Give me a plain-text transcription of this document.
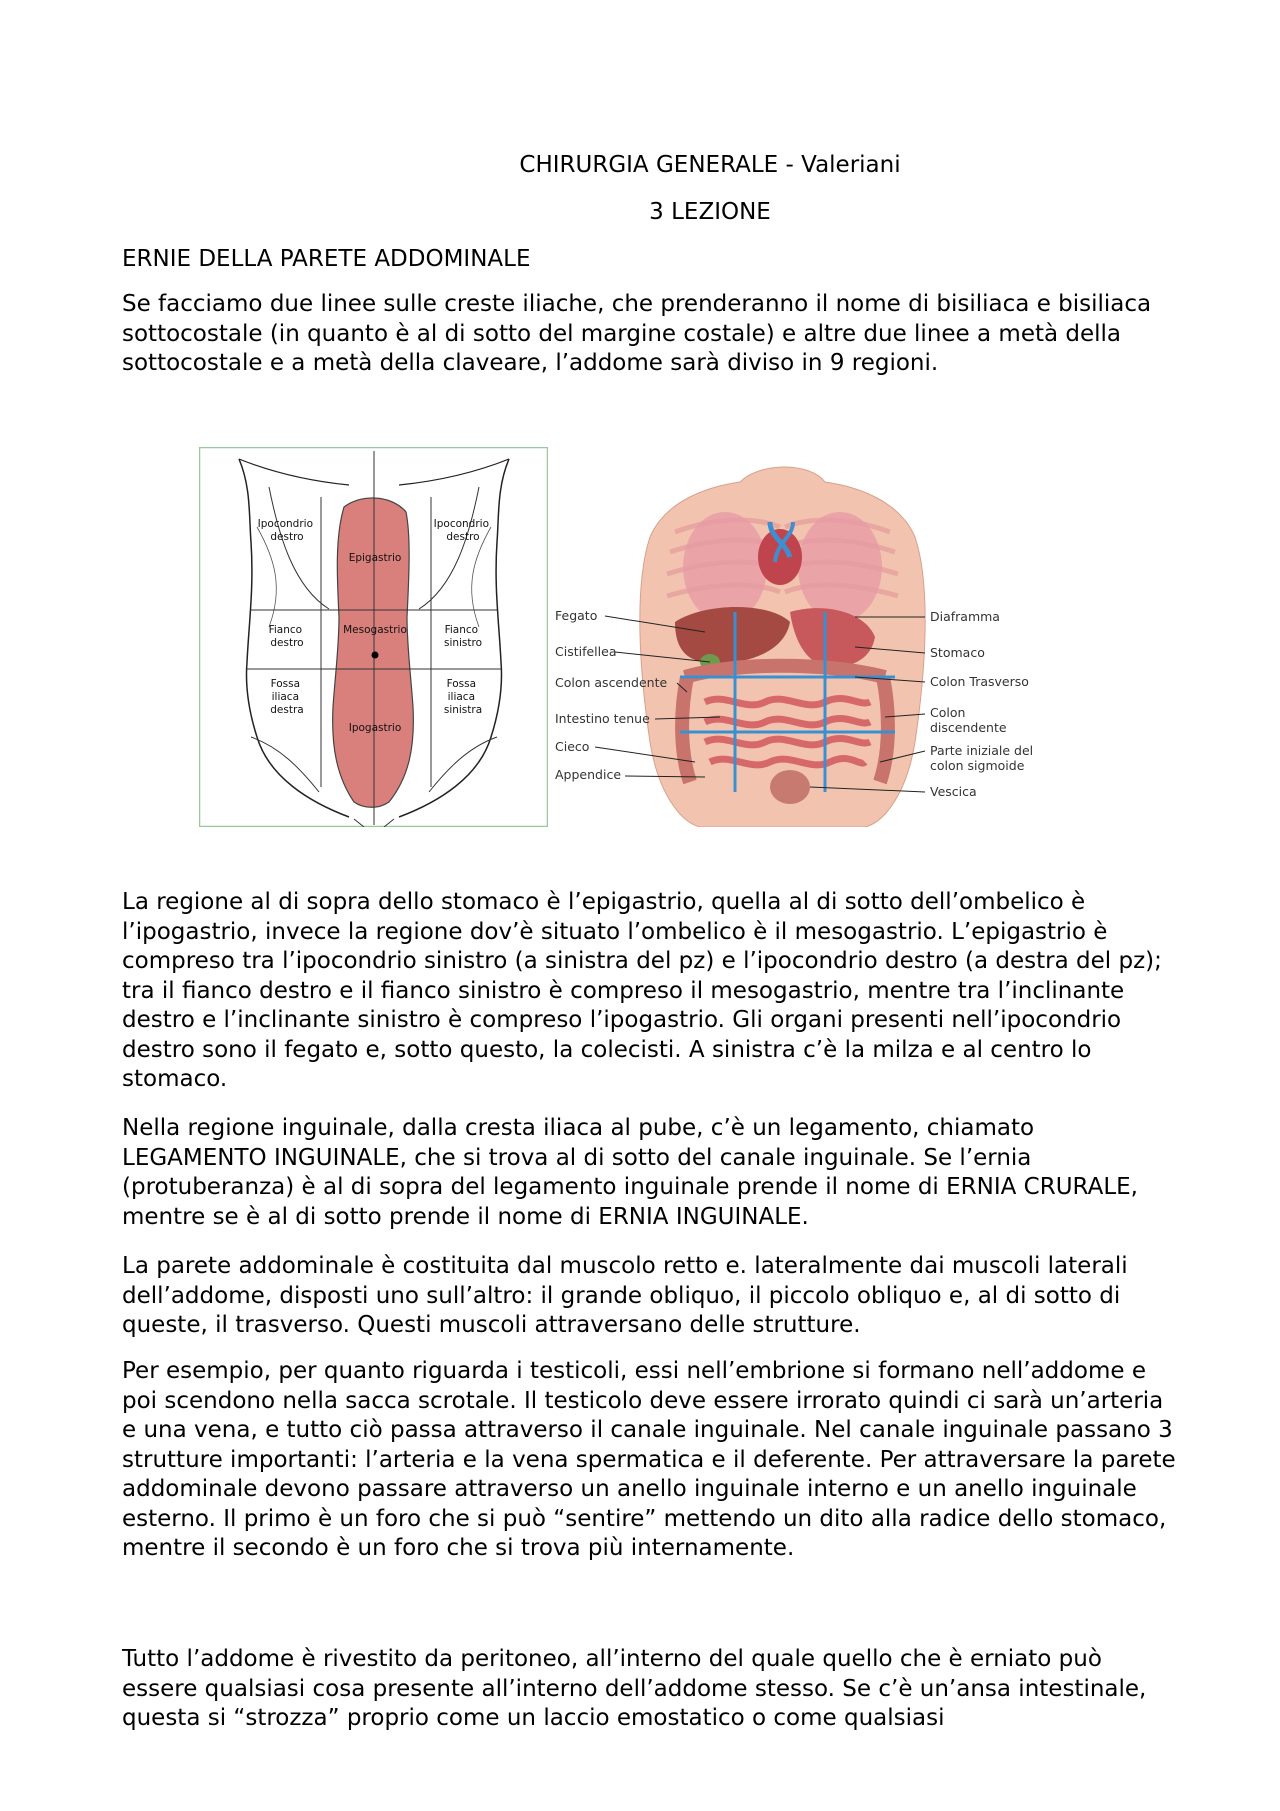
CHIRURGIA GENERALE - Valeriani

3 LEZIONE

ERNIE DELLA PARETE ADDOMINALE

Se facciamo due linee sulle creste iliache, che prenderanno il nome di bisiliaca e bisiliaca sottocostale (in quanto è al di sotto del margine costale) e altre due linee a metà della sottocostale e a metà della claveare, l’addome sarà diviso in 9 regioni.

Ipocondrio destro
Ipocondrio destro
Epigastrio
Fianco destro
Mesogastrio	Fianco sinistro
Fossa iliaca destra
Ipogastrio
Fossa iliaca sinistra
Fegato
Cistifellea
Colon ascendente
Intestino tenue
Cieco
Appendice
Diaframma
Stomaco
Colon Trasverso
Colon
discendente
Parte iniziale del
colon sigmoide
Vescica

La regione al di sopra dello stomaco è l’epigastrio, quella al di sotto dell’ombelico è l’ipogastrio, invece la regione dov’è situato l’ombelico è il mesogastrio. L’epigastrio è compreso tra l’ipocondrio sinistro (a sinistra del pz) e l’ipocondrio destro (a destra del pz); tra il fianco destro e il fianco sinistro è compreso il mesogastrio, mentre tra l’inclinante destro e l’inclinante sinistro è compreso l’ipogastrio. Gli organi presenti nell’ipocondrio destro sono il fegato e, sotto questo, la colecisti. A sinistra c’è la milza e al centro lo stomaco.

Nella regione inguinale, dalla cresta iliaca al pube, c’è un legamento, chiamato LEGAMENTO INGUINALE, che si trova al di sotto del canale inguinale. Se l’ernia (protuberanza) è al di sopra del legamento inguinale prende il nome di ERNIA CRURALE, mentre se è al di sotto prende il nome di ERNIA INGUINALE.

La parete addominale è costituita dal muscolo retto e. lateralmente dai muscoli laterali dell’addome, disposti uno sull’altro: il grande obliquo, il piccolo obliquo e, al di sotto di queste, il trasverso. Questi muscoli attraversano delle strutture.

Per esempio, per quanto riguarda i testicoli, essi nell’embrione si formano nell’addome e poi scendono nella sacca scrotale. Il testicolo deve essere irrorato quindi ci sarà un’arteria e una vena, e tutto ciò passa attraverso il canale inguinale. Nel canale inguinale passano 3 strutture importanti: l’arteria e la vena spermatica e il deferente. Per attraversare la parete addominale devono passare attraverso un anello inguinale interno e un anello inguinale esterno. Il primo è un foro che si può “sentire” mettendo un dito alla radice dello stomaco, mentre il secondo è un foro che si trova più internamente.

Tutto l’addome è rivestito da peritoneo, all’interno del quale quello che è erniato può essere qualsiasi cosa presente all’interno dell’addome stesso. Se c’è un’ansa intestinale, questa si “strozza” proprio come un laccio emostatico o come qualsiasi
